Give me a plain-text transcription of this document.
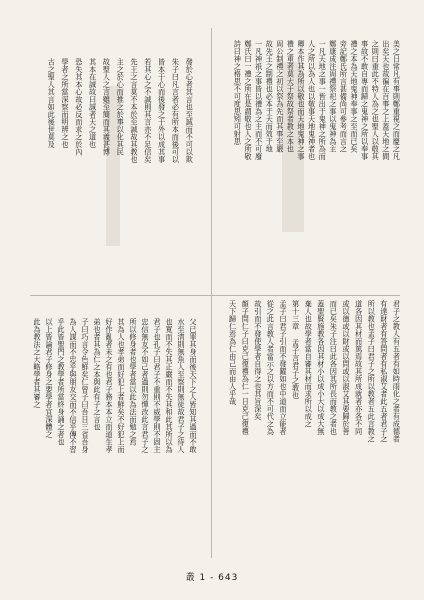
美之日常凡有事則鄭重視之而慶之凡
出矣天也故徧在百事之上蓋天地之間
之則曰重此不特人為之也聖人以敬其
事故不敢自專而歸之鬼神之所以奉事
禮之本為天地鬼神奉事之至而已矣
旁記鄭氏所言甚備尚可參考而言之
鄭康成注周禮祭祀之事以鬼神為主
一凡天地之事一皆出于鬼神之所為而
人之所以為人也以敬事天地鬼神者也
卿本作其為所以敬也而天地鬼神之事
禮之重者莫大于祭故祭者教之本也
周公制禮之初以祭為先而其事至嚴
故先王之制禮也必本于天而效于地
一凡神祇之事皆以禮為之主而不可廢
鄭氏曰一禮之所在是謂敬也人之所敬
詩曰神之格思不可度思矧可射思
發於心者其言也至誠而不可以欺
朱子曰凡言者必有所本而後可以
皆本于心而後發之于外以成其事
若其心之不誠則其言亦不足信矣
先王之言莫不本於至誠故其教也
主之於心而推之於事以化其民
故聖人之言雖至簡而其義甚博
其本在誠故曰誠者天之道也
恐失其本心故必反而求之於內
學者之所當深察而明辨之也
古之聖人其言如此後世莫及
君子之教人有五者有如時雨化之者有成德者
有達財者有答問者有私淑艾者此五者君子之
所以教也孟子曰君子之所以教者五此言教之
道各因其材而篤焉故其所成就者亦各不同
或以德或以財或以問或以淑艾其要歸於善
而已矣朱子注曰此各因其所長而教之者也
蓋聖賢施教各因其材小以成小大以成大無
棄人也故學者當自審其材而求所以成之
第十三章 孟子言君子之教也
孟子曰君子引而不發躍如也中道而立能者
從之此言教人者當示之以方而不可代之為
故引而不發使學者自得之也其旨深矣
顏子問仁子曰克己復禮為仁一日克己復禮
天下歸仁焉為仁由己而由人乎哉
父已罪其身而後天下之人皆知其過而不敢
水至清則無魚人至察則無徒故君子之待人
也寬而不失其正嚴而不失其和此其所以為
君子也孔子曰君子不重則不威學則不固主
忠信無友不如己者過則勿憚改此言君子之
所以修身者也學者當以此為法而勉之焉
其為人也孝弟而好犯上者鮮矣不好犯上而
好作亂者未之有也君子務本本立而道生孝
弟也者其為仁之本與此有子之言也
子曰巧言令色鮮矣仁曾子曰吾日三省吾身
為人謀而不忠乎與朋友交而不信乎傳不習
乎此皆聖門之教學者所當終身誦之者也
以上皆論君子修身之要學者宜深體之
此為教法之大略學者其審之
叢 1 - 643
